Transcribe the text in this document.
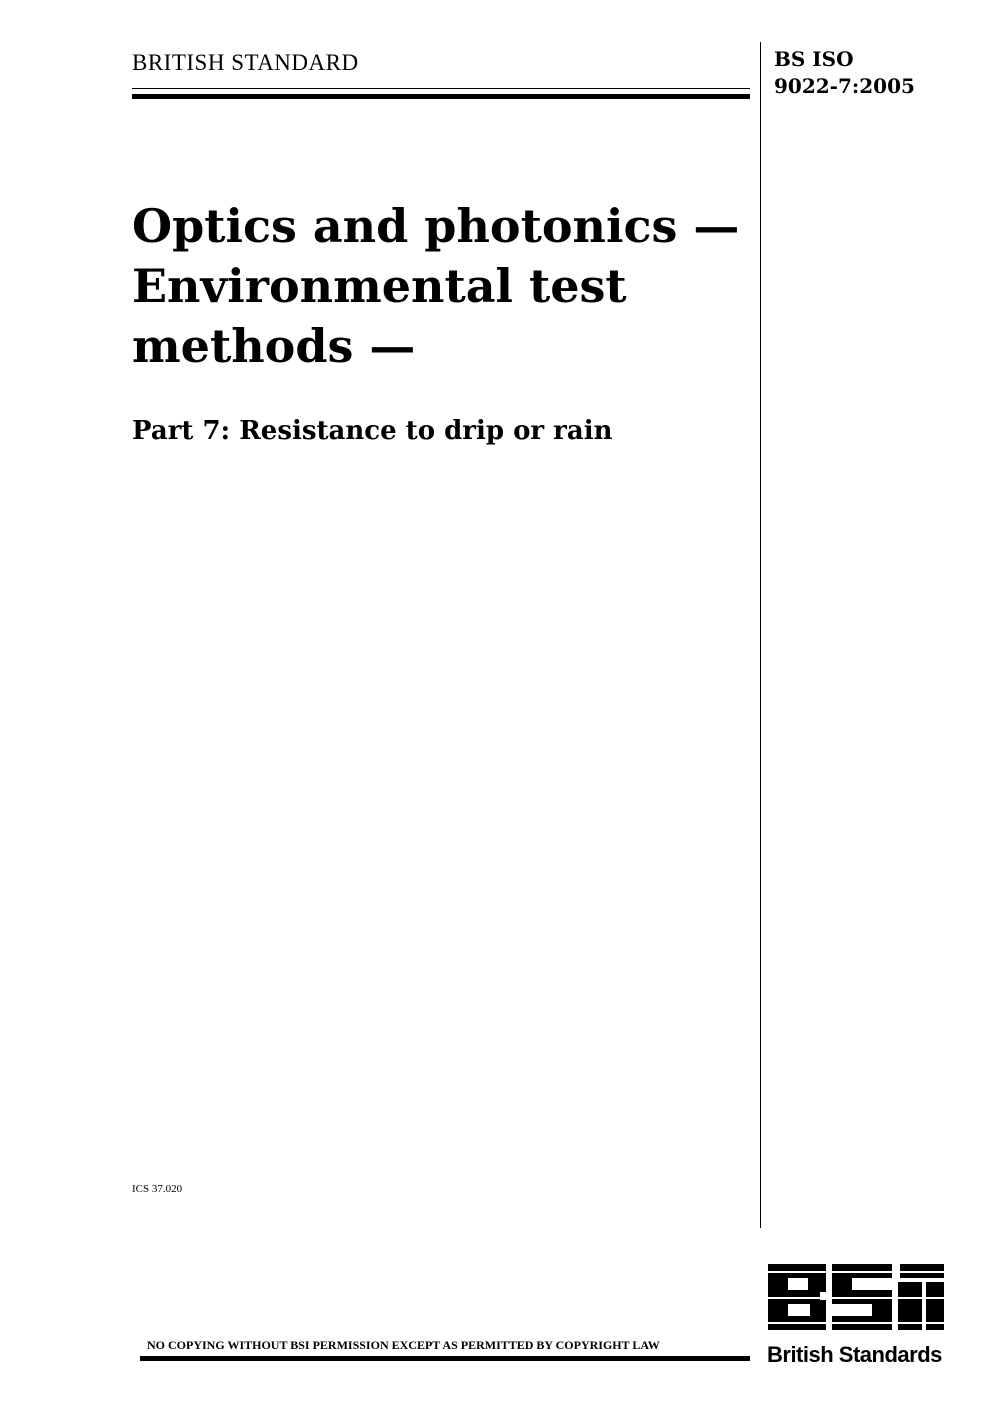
BRITISH STANDARD	BS ISO
9022-7:2005
Optics and photonics —
Environmental test
methods —
Part 7: Resistance to drip or rain
ICS 37.020
NO COPYING WITHOUT BSI PERMISSION EXCEPT AS PERMITTED BY COPYRIGHT LAW	British Standards
